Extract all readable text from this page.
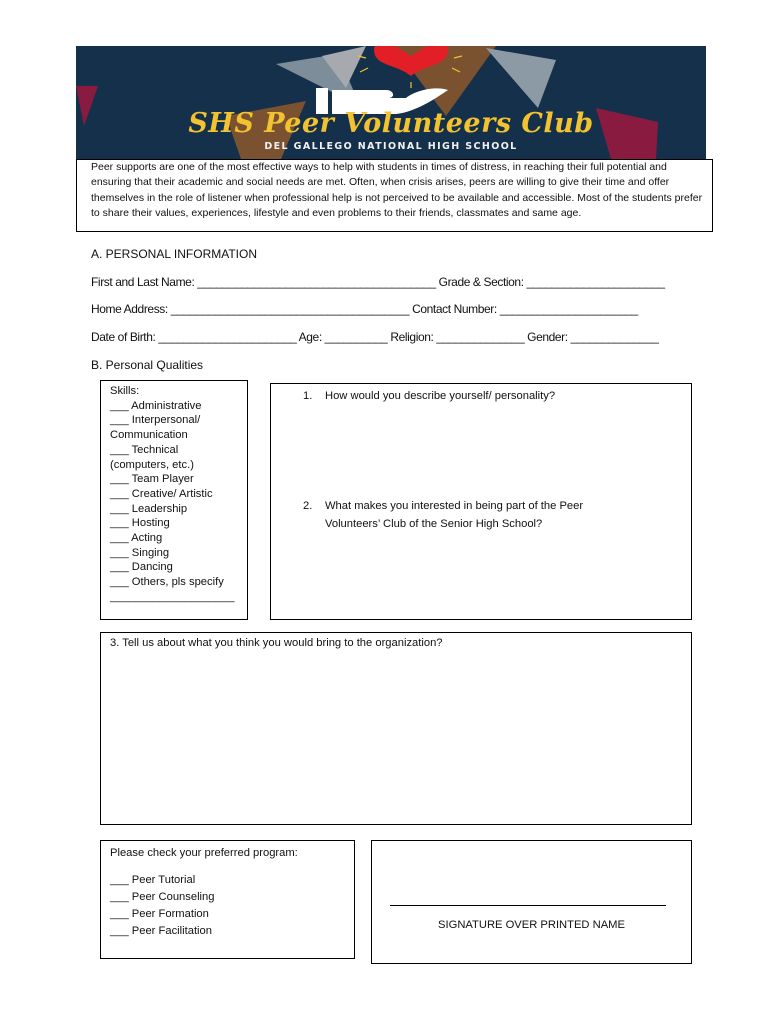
SHS Peer Volunteers Club
DEL GALLEGO NATIONAL HIGH SCHOOL
Peer supports are one of the most effective ways to help with students in times of distress, in reaching their full potential and ensuring that their academic and social needs are met. Often, when crisis arises, peers are willing to give their time and offer themselves in the role of listener when professional help is not perceived to be available and accessible. Most of the students prefer to share their values, experiences, lifestyle and even problems to their friends, classmates and same age.
A. PERSONAL INFORMATION
First and Last Name: ______________________________________ Grade & Section: ______________________
Home Address: ______________________________________ Contact Number: ______________________
Date of Birth: ______________________ Age: __________ Religion: ______________ Gender: ______________
B. Personal Qualities
Skills:
___ Administrative
___ Interpersonal/
Communication
___ Technical
(computers, etc.)
___ Team Player
___ Creative/ Artistic
___ Leadership
___ Hosting
___ Acting
___ Singing
___ Dancing
___ Others, pls specify
____________________
1. How would you describe yourself/ personality?
2. What makes you interested in being part of the Peer Volunteers’ Club of the Senior High School?
3. Tell us about what you think you would bring to the organization?
Please check your preferred program:
___ Peer Tutorial
___ Peer Counseling
___ Peer Formation
___ Peer Facilitation	SIGNATURE OVER PRINTED NAME
